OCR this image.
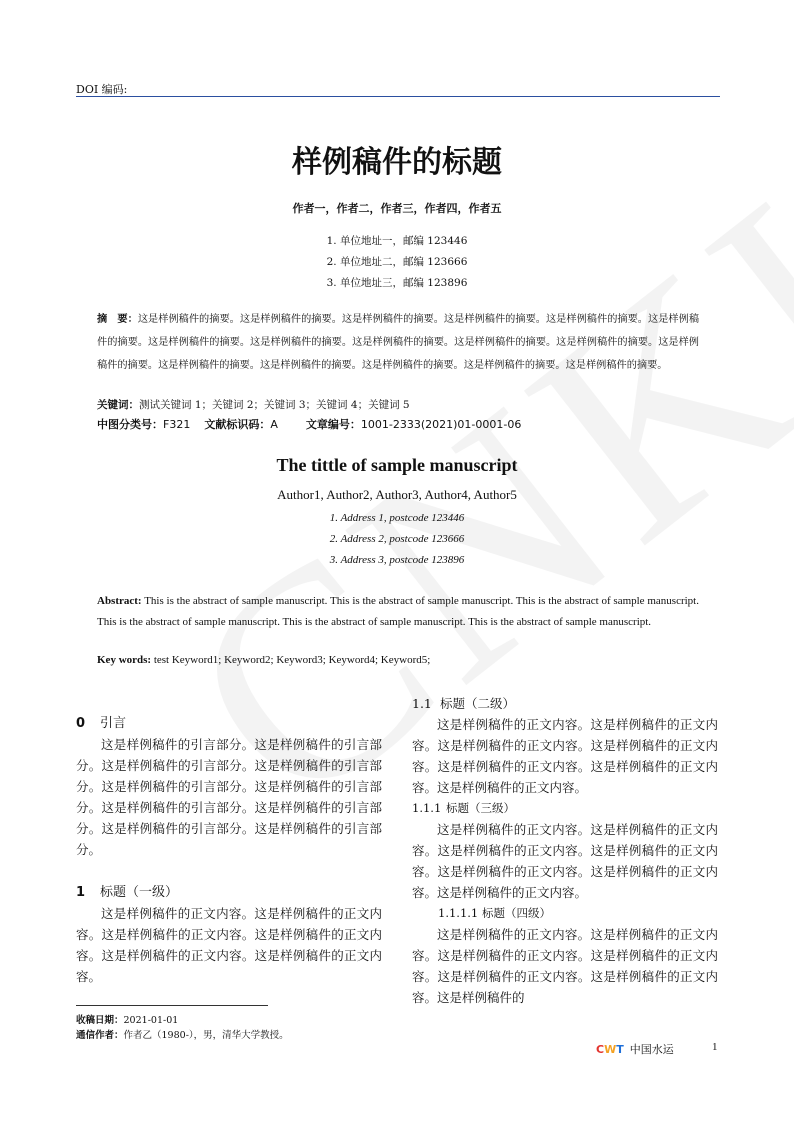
DOI 编码:
样例稿件的标题
作者一，作者二，作者三，作者四，作者五
1. 单位地址一，邮编 123446
2. 单位地址二，邮编 123666
3. 单位地址三，邮编 123896
摘　要：这是样例稿件的摘要。这是样例稿件的摘要。这是样例稿件的摘要。这是样例稿件的摘要。这是样例稿件的摘要。这是样例稿件的摘要。这是样例稿件的摘要。这是样例稿件的摘要。这是样例稿件的摘要。这是样例稿件的摘要。这是样例稿件的摘要。这是样例稿件的摘要。这是样例稿件的摘要。这是样例稿件的摘要。这是样例稿件的摘要。这是样例稿件的摘要。这是样例稿件的摘要。
关键词：测试关键词 1；关键词 2；关键词 3；关键词 4；关键词 5
中图分类号：F321 文献标识码：A	文章编号：1001-2333(2021)01-0001-06
The tittle of sample manuscript
Author1, Author2, Author3, Author4, Author5
1. Address 1, postcode 123446
2. Address 2, postcode 123666
3. Address 3, postcode 123896
Abstract: This is the abstract of sample manuscript. This is the abstract of sample manuscript. This is the abstract of sample manuscript. This is the abstract of sample manuscript. This is the abstract of sample manuscript. This is the abstract of sample manuscript.
Key words: test Keyword1; Keyword2; Keyword3; Keyword4; Keyword5;
0 引言

这是样例稿件的引言部分。这是样例稿件的引言部分。这是样例稿件的引言部分。这是样例稿件的引言部分。这是样例稿件的引言部分。这是样例稿件的引言部分。这是样例稿件的引言部分。这是样例稿件的引言部分。这是样例稿件的引言部分。这是样例稿件的引言部分。

1 标题（一级）

这是样例稿件的正文内容。这是样例稿件的正文内容。这是样例稿件的正文内容。这是样例稿件的正文内容。这是样例稿件的正文内容。这是样例稿件的正文内容。

1.1 标题（二级）

这是样例稿件的正文内容。这是样例稿件的正文内容。这是样例稿件的正文内容。这是样例稿件的正文内容。这是样例稿件的正文内容。这是样例稿件的正文内容。这是样例稿件的正文内容。

1.1.1 标题（三级）

这是样例稿件的正文内容。这是样例稿件的正文内容。这是样例稿件的正文内容。这是样例稿件的正文内容。这是样例稿件的正文内容。这是样例稿件的正文内容。这是样例稿件的正文内容。

1.1.1.1 标题（四级）

这是样例稿件的正文内容。这是样例稿件的正文内容。这是样例稿件的正文内容。这是样例稿件的正文内容。这是样例稿件的正文内容。这是样例稿件的正文内容。这是样例稿件的

收稿日期：2021-01-01
通信作者：作者乙（1980-），男，清华大学教授。
CWT 中国水运	1
